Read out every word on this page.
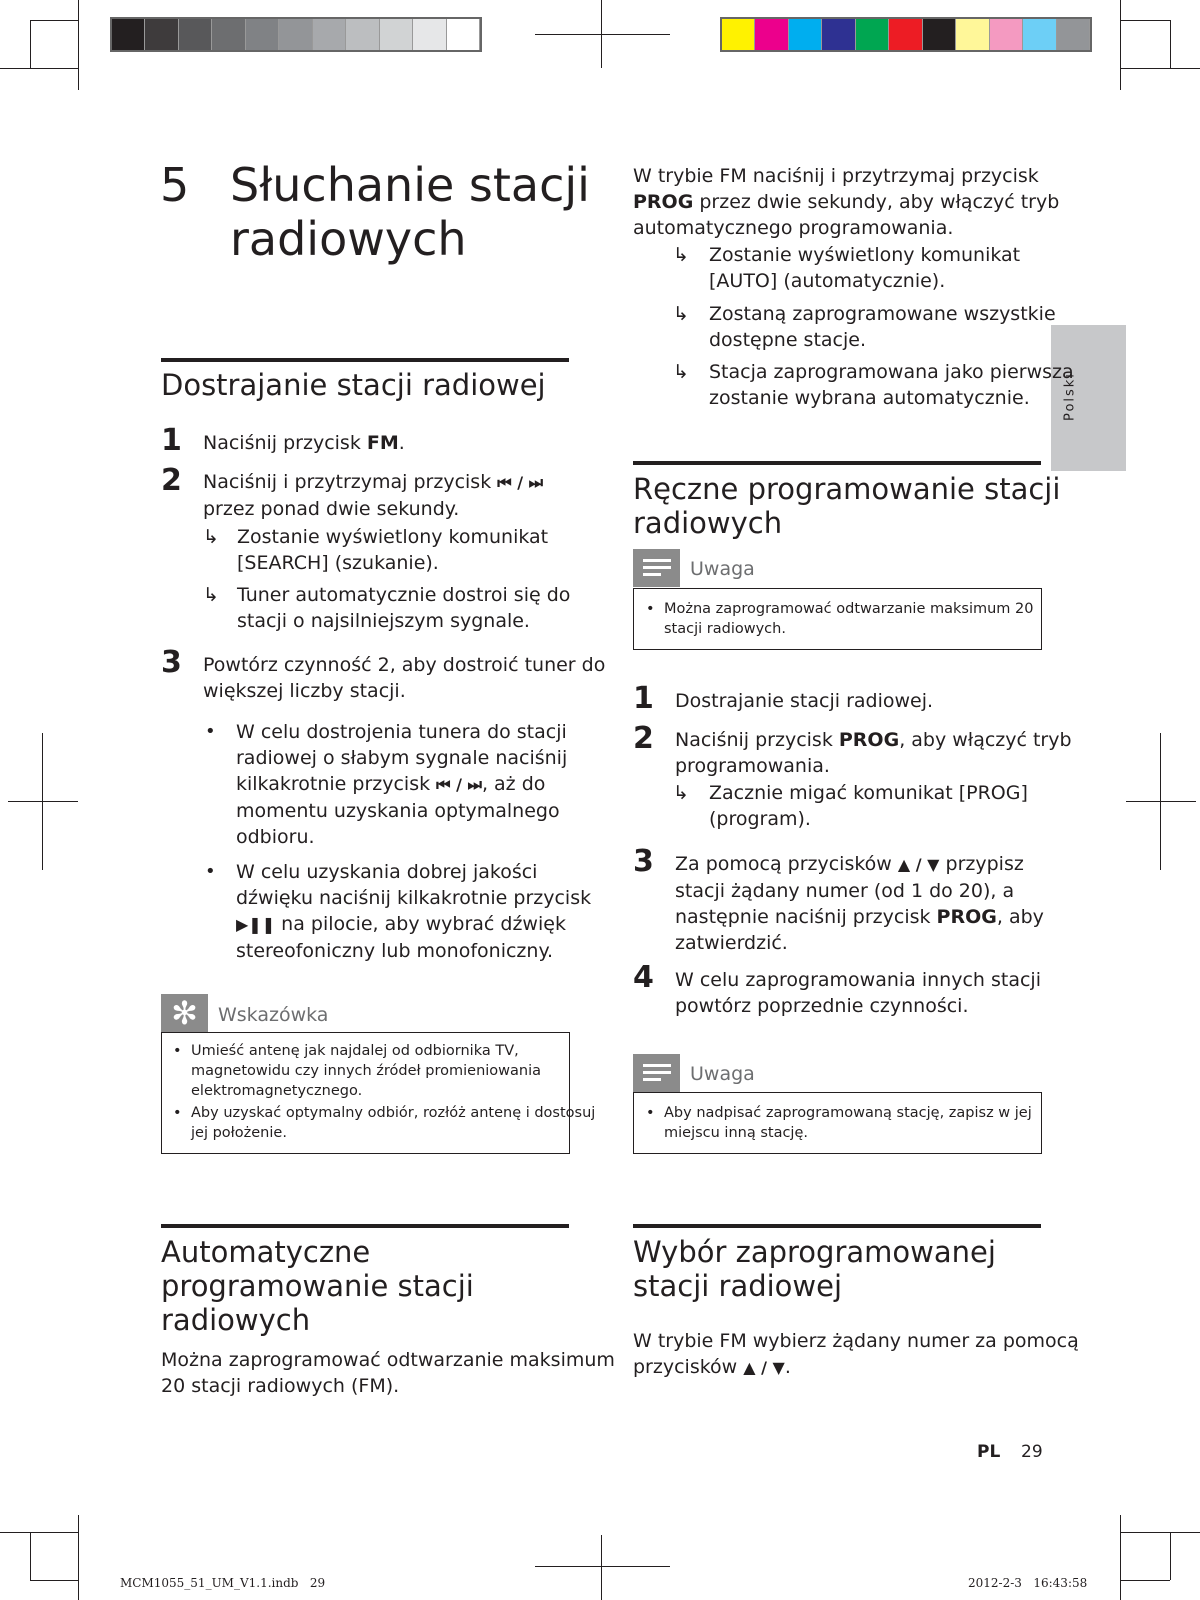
Polski
5 Słuchanie stacji
radiowych
Dostrajanie stacji radiowej
1 Naciśnij przycisk FM.
2 Naciśnij i przytrzymaj przycisk ⏮ / ⏭
przez ponad dwie sekundy.
↳ Zostanie wyświetlony komunikat
[SEARCH] (szukanie).
↳ Tuner automatycznie dostroi się do
stacji o najsilniejszym sygnale.
3 Powtórz czynność 2, aby dostroić tuner do
większej liczby stacji.
• W celu dostrojenia tunera do stacji
radiowej o słabym sygnale naciśnij
kilkakrotnie przycisk ⏮ / ⏭, aż do
momentu uzyskania optymalnego
odbioru.
• W celu uzyskania dobrej jakości
dźwięku naciśnij kilkakrotnie przycisk
▶❚❚ na pilocie, aby wybrać dźwięk
stereofoniczny lub monofoniczny.
✻ Wskazówka
• Umieść antenę jak najdalej od odbiornika TV,
magnetowidu czy innych źródeł promieniowania
elektromagnetycznego.
• Aby uzyskać optymalny odbiór, rozłóż antenę i dostosuj
jej położenie.
Automatyczne
programowanie stacji
radiowych
Można zaprogramować odtwarzanie maksimum
20 stacji radiowych (FM).
W trybie FM naciśnij i przytrzymaj przycisk
PROG przez dwie sekundy, aby włączyć tryb
automatycznego programowania.
↳ Zostanie wyświetlony komunikat
[AUTO] (automatycznie).
↳ Zostaną zaprogramowane wszystkie
dostępne stacje.
↳ Stacja zaprogramowana jako pierwsza
zostanie wybrana automatycznie.
Ręczne programowanie stacji
radiowych
Uwaga
• Można zaprogramować odtwarzanie maksimum 20
stacji radiowych.
1 Dostrajanie stacji radiowej.
2 Naciśnij przycisk PROG, aby włączyć tryb
programowania.
↳ Zacznie migać komunikat [PROG]
(program).
3 Za pomocą przycisków ▲ / ▼ przypisz
stacji żądany numer (od 1 do 20), a
następnie naciśnij przycisk PROG, aby
zatwierdzić.
4 W celu zaprogramowania innych stacji
powtórz poprzednie czynności.
Uwaga
• Aby nadpisać zaprogramowaną stację, zapisz w jej
miejscu inną stację.
Wybór zaprogramowanej
stacji radiowej
W trybie FM wybierz żądany numer za pomocą
przycisków ▲ / ▼.
PL 29
MCM1055_51_UM_V1.1.indb   29	2012-2-3   16:43:58
